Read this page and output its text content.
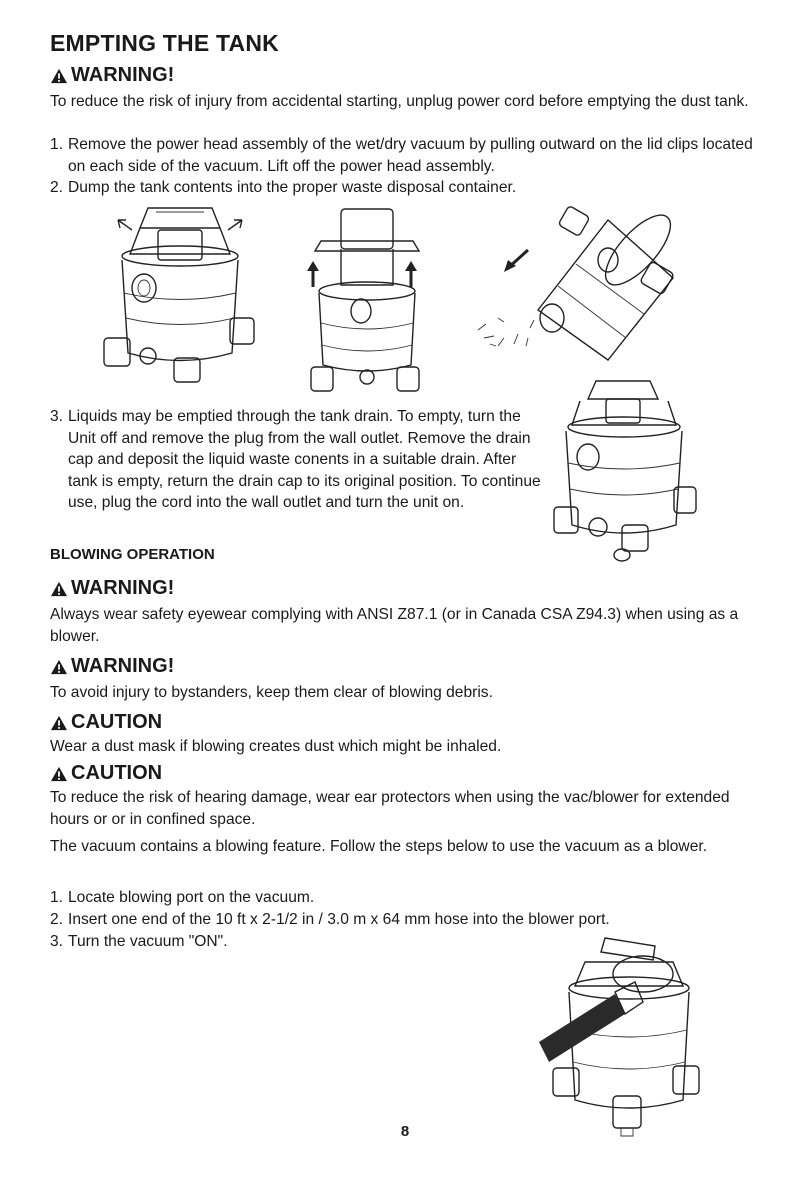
EMPTING THE TANK
WARNING!
To reduce the risk of injury from accidental starting, unplug power cord before emptying the dust tank.
1. Remove the power head assembly of the wet/dry vacuum by pulling outward on the lid clips located on each side of the vacuum. Lift off the power head assembly.
2. Dump the tank contents into the proper waste disposal container.
3. Liquids may be emptied through the tank drain. To empty, turn the Unit off and remove the plug from the wall outlet. Remove the drain cap and deposit the liquid waste conents in a suitable drain. After tank is empty, return the drain cap to its original position. To continue use, plug the cord into the wall outlet and turn the unit on.
BLOWING OPERATION
WARNING!
Always wear safety eyewear complying with ANSI Z87.1 (or in Canada CSA Z94.3) when using as a blower.
WARNING!
To avoid injury to bystanders, keep them clear of blowing debris.
CAUTION
Wear a dust mask if blowing creates dust which might be inhaled.
CAUTION
To reduce the risk of hearing damage, wear ear protectors when using the vac/blower for extended hours or or in confined space.
The vacuum contains a blowing feature. Follow the steps below to use the vacuum as a blower.
1. Locate blowing port on the vacuum.
2. Insert one end of the 10 ft x 2-1/2 in / 3.0 m x 64 mm hose into the blower port.
3. Turn the vacuum "ON".
8
